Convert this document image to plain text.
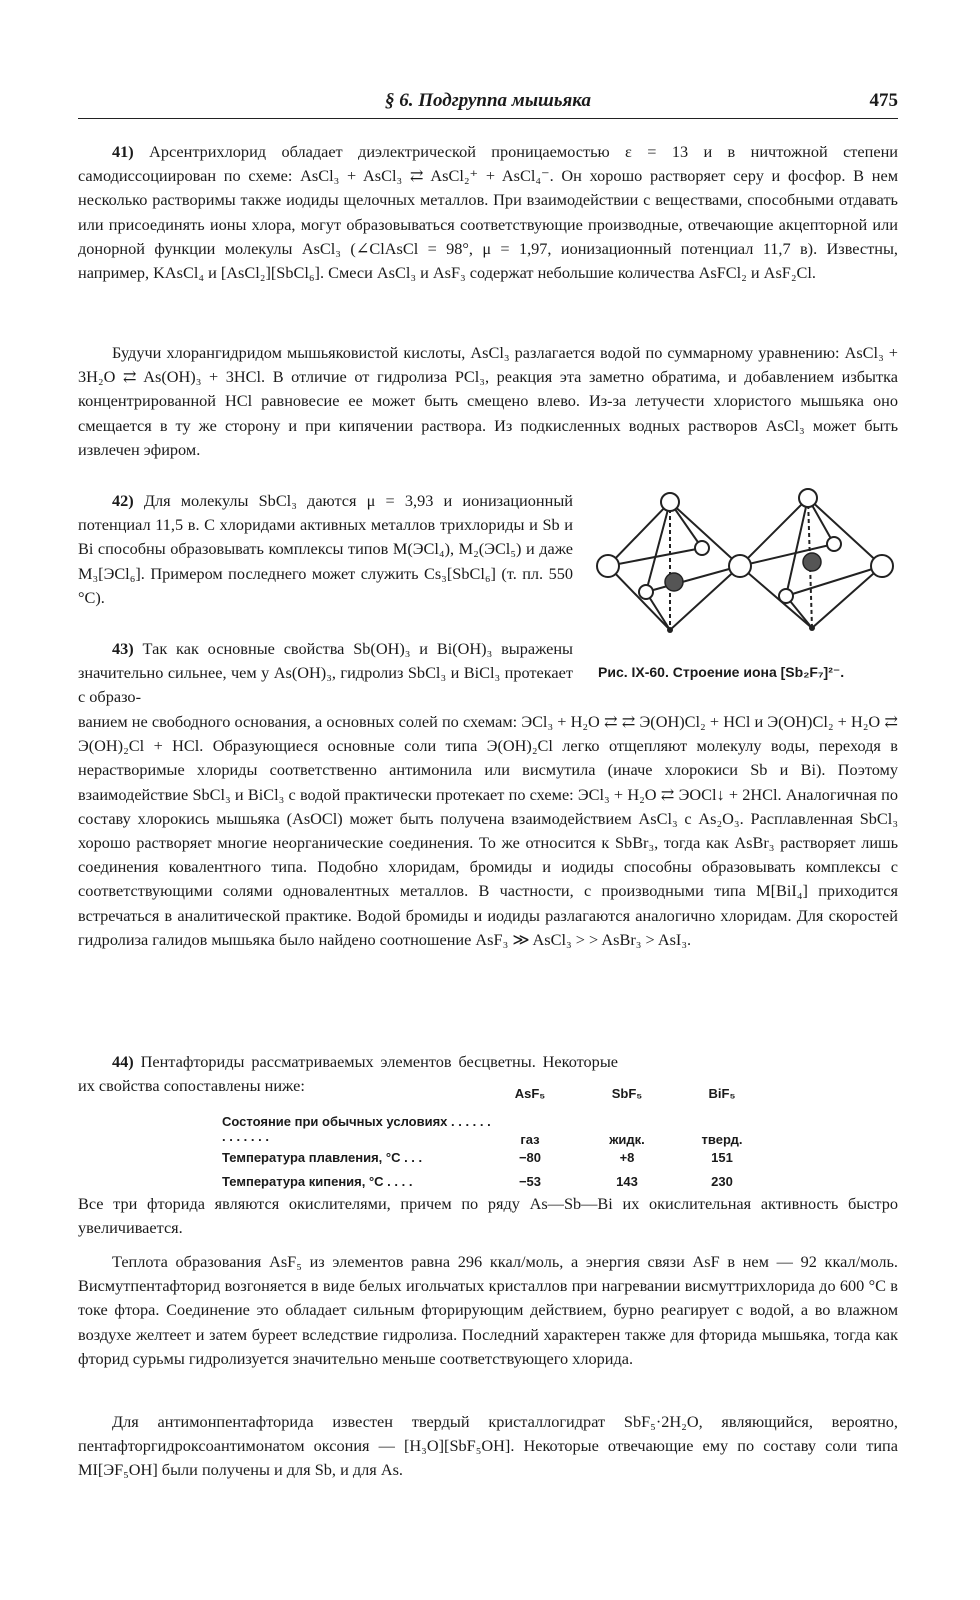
§ 6. Подгруппа мышьяка	475

41) Арсентрихлорид обладает диэлектрической проницаемостью ε = 13 и в ничтожной степени самодиссоциирован по схеме: AsCl₃ + AsCl₃ ⇄ AsCl₂⁺ + AsCl₄⁻. Он хорошо растворяет серу и фосфор. В нем несколько растворимы также иодиды щелочных металлов. При взаимодействии с веществами, способными отдавать или присоединять ионы хлора, могут образовываться соответствующие производные, отвечающие акцепторной или донорной функции молекулы AsCl₃ (∠ClAsCl = 98°, μ = 1,97, ионизационный потенциал 11,7 в). Известны, например, KAsCl₄ и [AsCl₂][SbCl₆]. Смеси AsCl₃ и AsF₃ содержат небольшие количества AsFCl₂ и AsF₂Cl.

Будучи хлорангидридом мышьяковистой кислоты, AsCl₃ разлагается водой по суммарному уравнению: AsCl₃ + 3H₂O ⇄ As(OH)₃ + 3HCl. В отличие от гидролиза PCl₃, реакция эта заметно обратима, и добавлением избытка концентрированной HCl равновесие ее может быть смещено влево. Из-за летучести хлористого мышьяка оно смещается в ту же сторону и при кипячении раствора. Из подкисленных водных растворов AsCl₃ может быть извлечен эфиром.

42) Для молекулы SbCl₃ даются μ = 3,93 и ионизационный потенциал 11,5 в. С хлоридами активных металлов трихлориды и Sb и Bi способны образовывать комплексы типов M(ЭCl₄), M₂(ЭCl₅) и даже M₃[ЭCl₆]. Примером последнего может служить Cs₃[SbCl₆] (т. пл. 550 °C).

43) Так как основные свойства Sb(OH)₃ и Bi(OH)₃ выражены значительно сильнее, чем у As(OH)₃, гидролиз SbCl₃ и BiCl₃ протекает с образо-

ванием не свободного основания, а основных солей по схемам: ЭCl₃ + H₂O ⇄ ⇄ Э(OH)Cl₂ + HCl и Э(OH)Cl₂ + H₂O ⇄ Э(OH)₂Cl + HCl. Образующиеся основные соли типа Э(OH)₂Cl легко отщепляют молекулу воды, переходя в нерастворимые хлориды соответственно антимонила или висмутила (иначе хлорокиси Sb и Bi). Поэтому взаимодействие SbCl₃ и BiCl₃ с водой практически протекает по схеме: ЭCl₃ + H₂O ⇄ ЭOCl↓ + 2HCl. Аналогичная по составу хлорокись мышьяка (AsOCl) может быть получена взаимодействием AsCl₃ с As₂O₃. Расплавленная SbCl₃ хорошо растворяет многие неорганические соединения. То же относится к SbBr₃, тогда как AsBr₃ растворяет лишь соединения ковалентного типа. Подобно хлоридам, бромиды и иодиды способны образовывать комплексы с соответствующими солями одновалентных металлов. В частности, с производными типа M[BiI₄] приходится встречаться в аналитической практике. Водой бромиды и иодиды разлагаются аналогично хлоридам. Для скоростей гидролиза галидов мышьяка было найдено соотношение AsF₃ ≫ AsCl₃ > > AsBr₃ > AsI₃.

Рис. IX-60. Строение иона [Sb₂F₇]²⁻.

44) Пентафториды рассматриваемых элементов бесцветны. Некоторые их свойства сопоставлены ниже:	AsF₅	SbF₅	BiF₅
Состояние при обычных условиях . . . . . . . . . . . . .	газ	жидк.	тверд.
Температура плавления, °C . . .	−80	+8	151
Температура кипения, °C . . . .	−53	143	230

Все три фторида являются окислителями, причем по ряду As—Sb—Bi их окислительная активность быстро увеличивается.

Теплота образования AsF₅ из элементов равна 296 ккал/моль, а энергия связи AsF в нем — 92 ккал/моль. Висмутпентафторид возгоняется в виде белых игольчатых кристаллов при нагревании висмуттрихлорида до 600 °C в токе фтора. Соединение это обладает сильным фторирующим действием, бурно реагирует с водой, а во влажном воздухе желтеет и затем буреет вследствие гидролиза. Последний характерен также для фторида мышьяка, тогда как фторид сурьмы гидролизуется значительно меньше соответствующего хлорида.

Для антимонпентафторида известен твердый кристаллогидрат SbF₅·2H₂O, являющийся, вероятно, пентафторгидроксоантимонатом оксония — [H₃O][SbF₅OH]. Некоторые отвечающие ему по составу соли типа MI[ЭF₅OH] были получены и для Sb, и для As.
